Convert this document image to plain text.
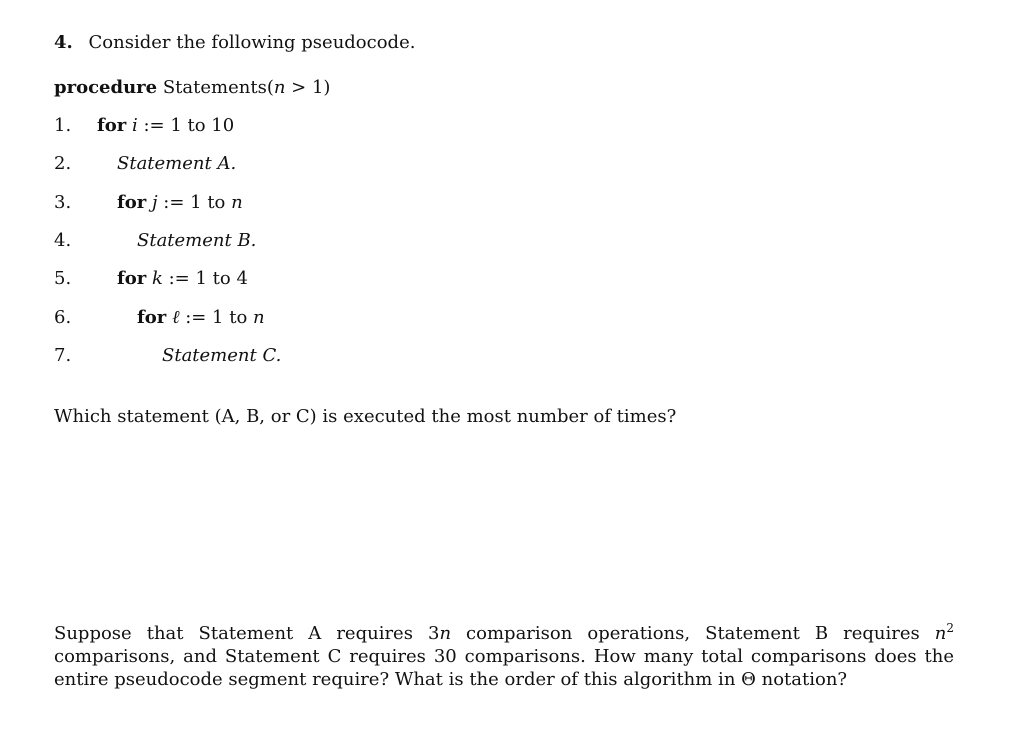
4. Consider the following pseudocode.
procedure Statements(n > 1)
1. for i := 1 to 10
2.	Statement A.
3.	for j := 1 to n
4.	Statement B.
5.	for k := 1 to 4
6.	for ℓ := 1 to n
7.	Statement C.
Which statement (A, B, or C) is executed the most number of times?
Suppose that Statement A requires 3n comparison operations, Statement B requires $n^2$ comparisons, and Statement C requires 30 comparisons. How many total comparisons does the entire pseudocode segment require? What is the order of this algorithm in Θ notation?
